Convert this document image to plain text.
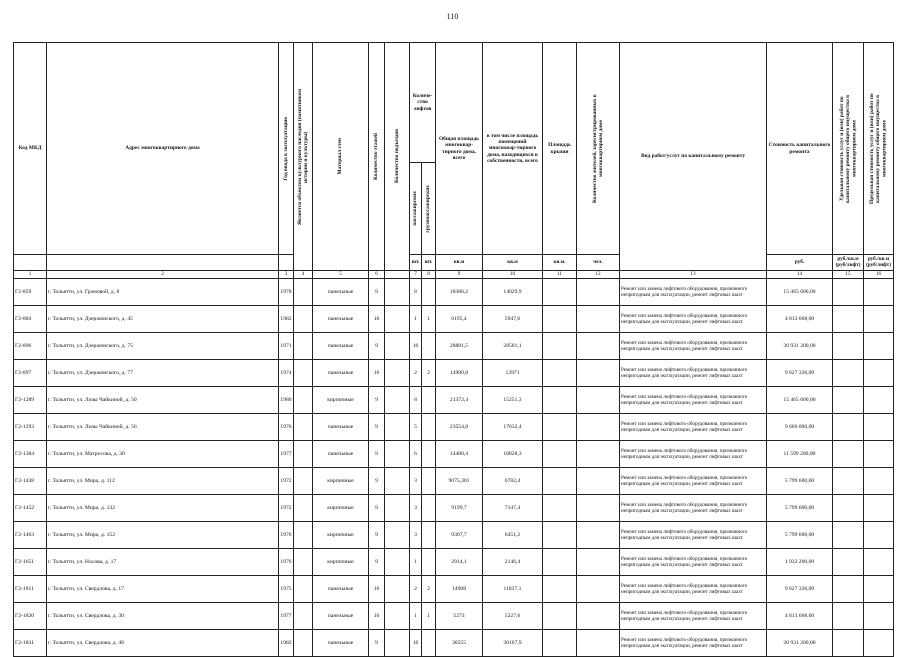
110
Код МКД	Адрес многоквартирного дома	Год ввода в эксплуатацию	Является объектом культурного наследия (памятником истории и культуры)	Материал стен	Количество этажей	Количество подъездов	Количе-ство лифтов		Общая площадь многоквар-тирного дома, всего	в том числе площадь помещений многоквар-тирного дома, находящихся в собственности, всего	Площадь крыши	Количество жителей, зарегистрированных в многоквартирном доме	Вид работ/услуг по капитальному ремонту	Стоимость капитального ремонта	Удельная стоимость услуг и (или) работ по капитальному ремонту общего имущества в многоквартирном доме	Предельная стоимость услуг и (или) работ по капитальному ремонту общего имущества в многоквартирном доме

							пассажирских	грузопассажирских								

							шт.	шт.	кв.м	кв.м	кв.м.	чел.		руб.	руб./кв.м (руб/лифт)	руб./кв.м (руб/лифт)
1	2	3	4	5	6		7	8	9	10	11	12	13	14	15	16
Г2-859	г. Тольятти, ул. Громовой, д. 8	1978		панельные	9		8		18386,2	14029,9			Ремонт или замена лифтового оборудования, признанного непригодным для эксплуатации, ремонт лифтовых шахт	15 465 600,00		
Г2-884	г. Тольятти, ул. Дзержинского, д. 45	1982		панельные	16		1	1	6195,4	5947,6			Ремонт или замена лифтового оборудования, признанного непригодным для эксплуатации, ремонт лифтовых шахт	4 813 668,00		
Г2-896	г. Тольятти, ул. Дзержинского, д. 75	1971		панельные	9		16		28881,5	28581,1			Ремонт или замена лифтового оборудования, признанного непригодным для эксплуатации, ремонт лифтовых шахт	30 931 200,00		
Г2-897	г. Тольятти, ул. Дзержинского, д. 77	1974		панельные	16		2	2	14980,8	13971			Ремонт или замена лифтового оборудования, признанного непригодным для эксплуатации, ремонт лифтовых шахт	9 627 336,00		
Г2-1289	г. Тольятти, ул. Лизы Чайкиной, д. 50	1980		кирпичные	9		8		21372,4	15251,3			Ремонт или замена лифтового оборудования, признанного непригодным для эксплуатации, ремонт лифтовых шахт	15 465 600,00		
Г2-1293	г. Тольятти, ул. Лизы Чайкиной, д. 56	1976		панельные	9		5		23554,8	17632,4			Ремонт или замена лифтового оборудования, признанного непригодным для эксплуатации, ремонт лифтовых шахт	9 666 000,00		
Г2-1384	г. Тольятти, ул. Матросова, д. 30	1977		панельные	9		6		14480,4	10828,3			Ремонт или замена лифтового оборудования, признанного непригодным для эксплуатации, ремонт лифтовых шахт	11 599 200,00		
Г2-1438	г. Тольятти, ул. Мира, д. 112	1972		кирпичные	9		3		9075,301	6782,4			Ремонт или замена лифтового оборудования, признанного непригодным для эксплуатации, ремонт лифтовых шахт	5 799 600,00		
Г2-1452	г. Тольятти, ул. Мира, д. 132	1972		кирпичные	9		3		9199,7	7147,4			Ремонт или замена лифтового оборудования, признанного непригодным для эксплуатации, ремонт лифтовых шахт	5 799 600,00		
Г2-1463	г. Тольятти, ул. Мира, д. 152	1976		кирпичные	9		3		9307,7	6451,2			Ремонт или замена лифтового оборудования, признанного непригодным для эксплуатации, ремонт лифтовых шахт	5 799 600,00		
Г2-1651	г. Тольятти, ул. Носова, д. 17	1976		кирпичные	9		1		2914,1	2146,4			Ремонт или замена лифтового оборудования, признанного непригодным для эксплуатации, ремонт лифтовых шахт	1 933 200,00		
Г2-1811	г. Тольятти, ул. Свердлова, д. 17	1975		панельные	16		2	2	14908	11837,1			Ремонт или замена лифтового оборудования, признанного непригодным для эксплуатации, ремонт лифтовых шахт	9 627 336,00		
Г2-1820	г. Тольятти, ул. Свердлова, д. 30	1977		панельные	16		1	1	5273	5227,6			Ремонт или замена лифтового оборудования, признанного непригодным для эксплуатации, ремонт лифтовых шахт	4 813 668,00		
Г2-1831	г. Тольятти, ул. Свердлова, д. 48	1982		панельные	9		16		30555	30167,9			Ремонт или замена лифтового оборудования, признанного непригодным для эксплуатации, ремонт лифтовых шахт	30 931 200,00		
